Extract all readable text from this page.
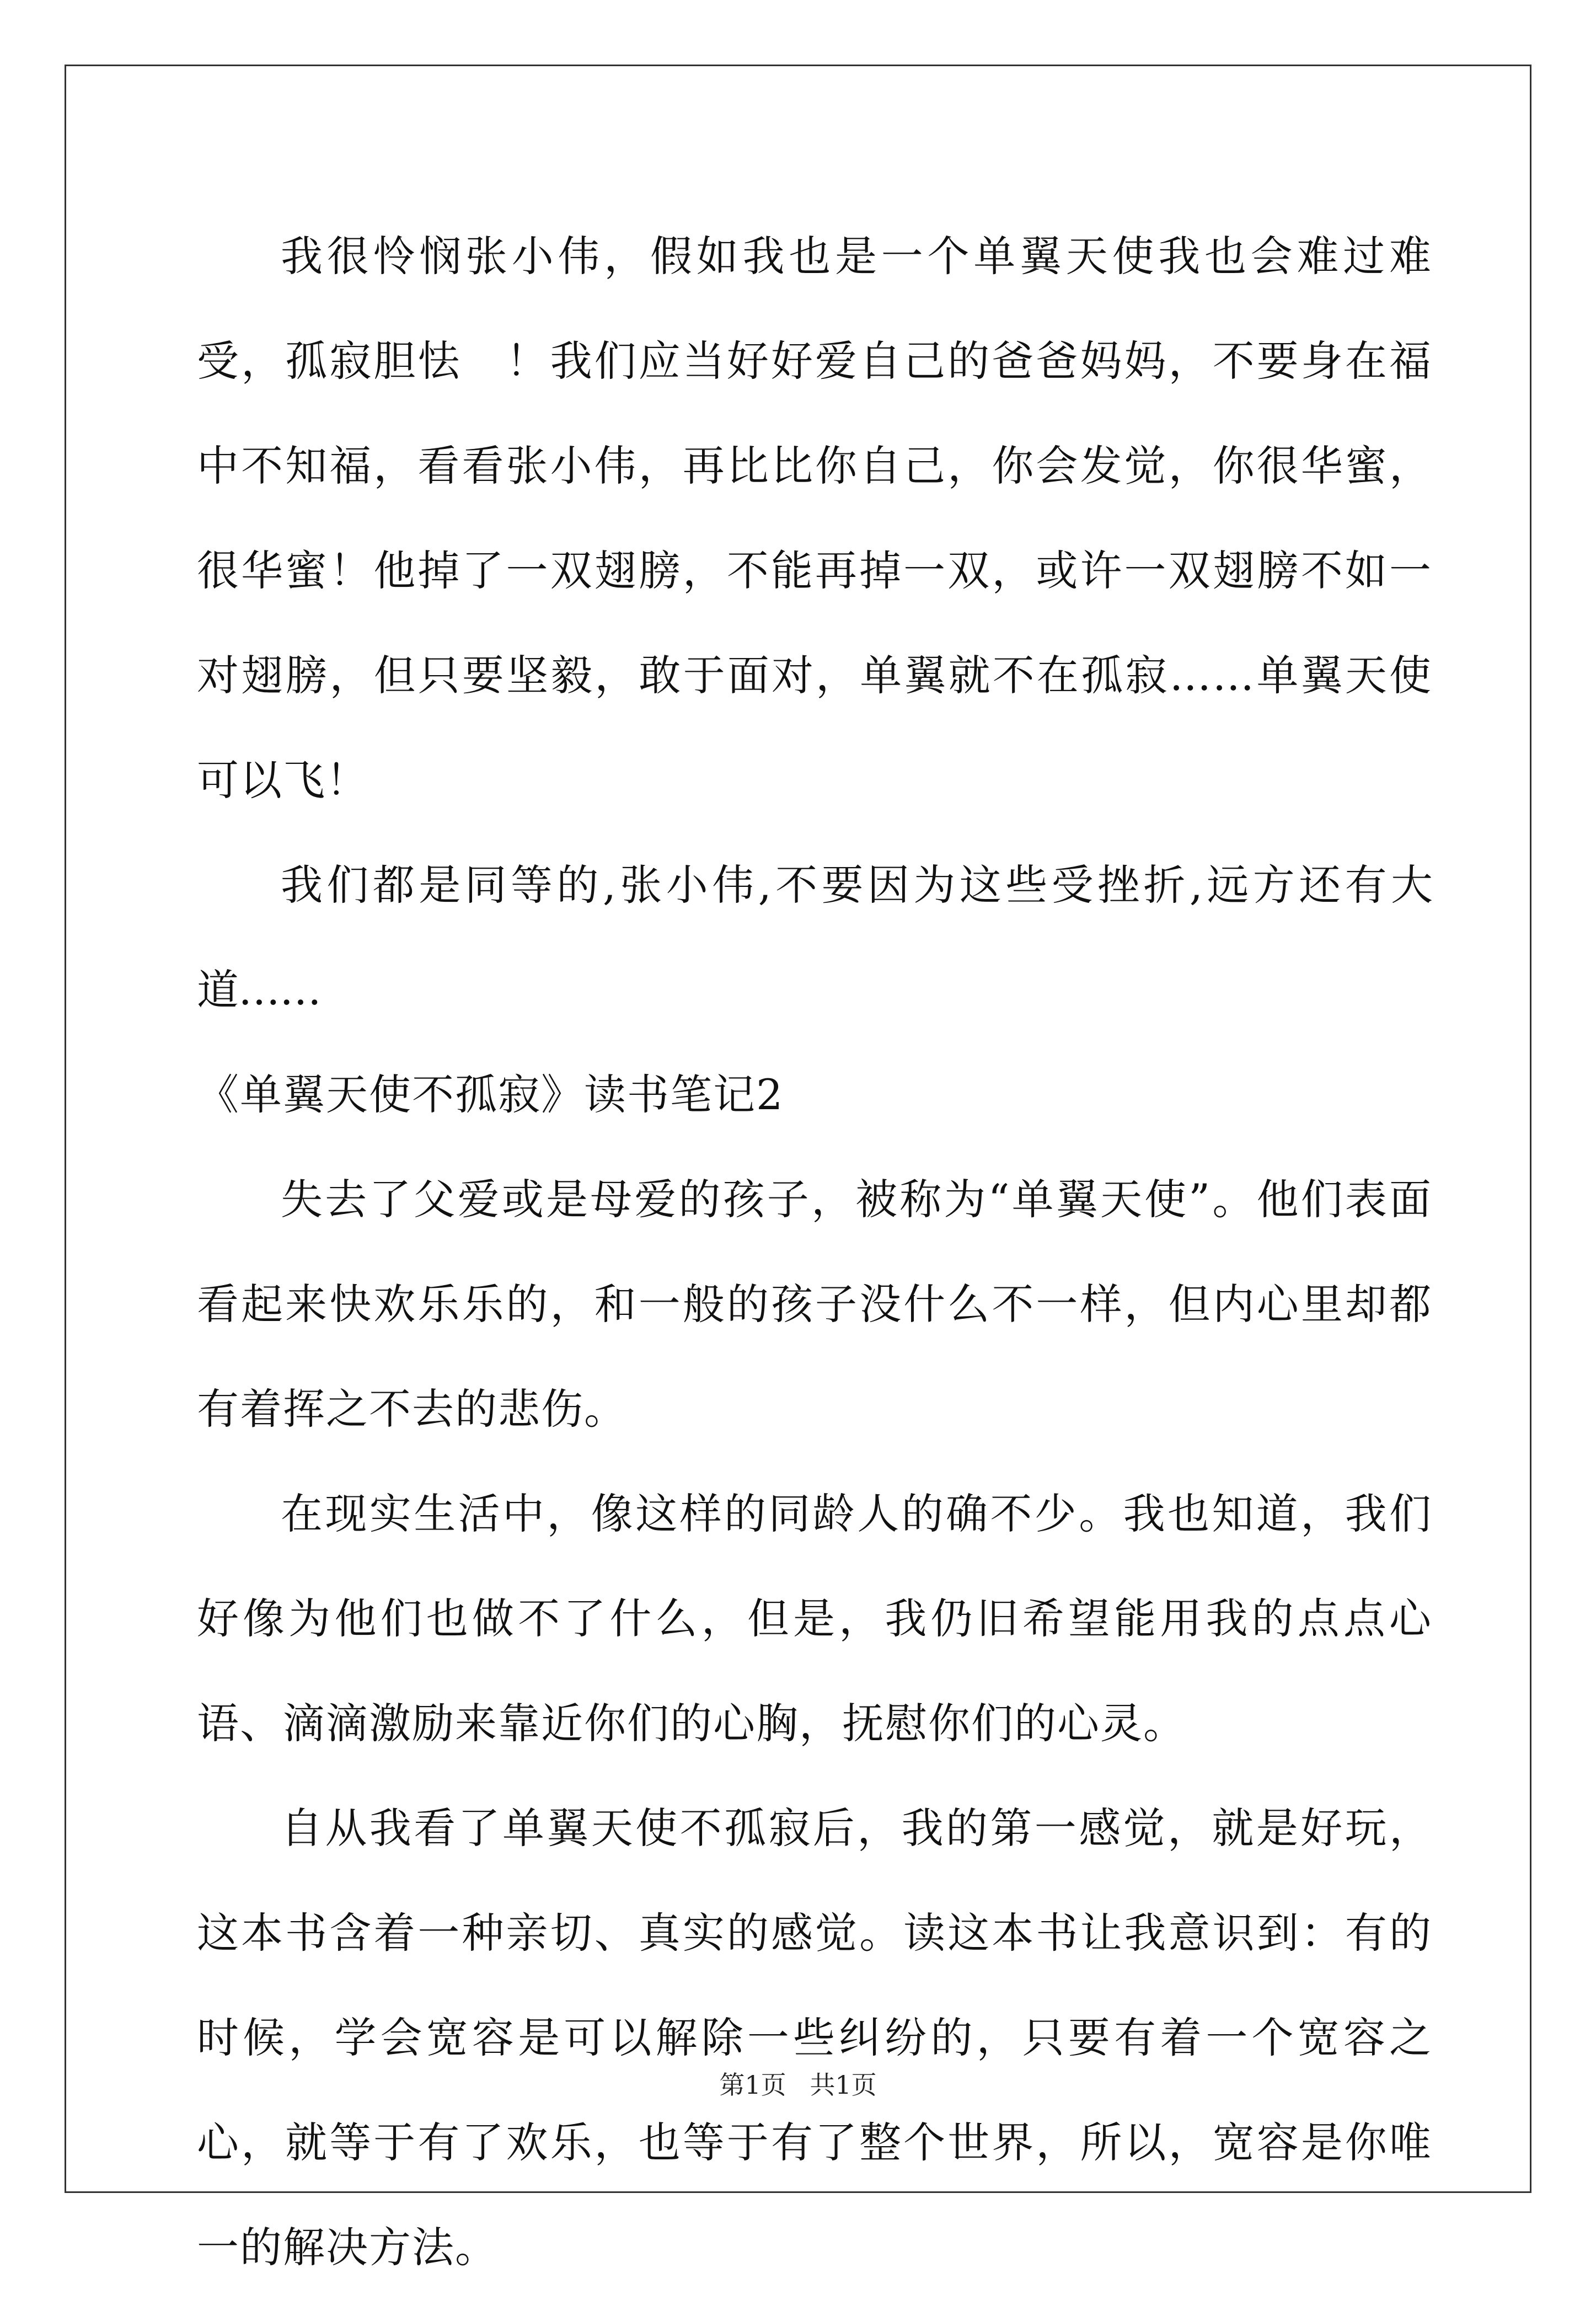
我很怜悯张小伟，假如我也是一个单翼天使我也会难过难受，孤寂胆怯　！我们应当好好爱自己的爸爸妈妈，不要身在福中不知福，看看张小伟，再比比你自己，你会发觉，你很华蜜，很华蜜！他掉了一双翅膀，不能再掉一双，或许一双翅膀不如一对翅膀，但只要坚毅，敢于面对，单翼就不在孤寂……单翼天使可以飞！

我们都是同等的,张小伟,不要因为这些受挫折,远方还有大道……

《单翼天使不孤寂》读书笔记2

失去了父爱或是母爱的孩子，被称为“单翼天使”。他们表面看起来快欢乐乐的，和一般的孩子没什么不一样，但内心里却都有着挥之不去的悲伤。

在现实生活中，像这样的同龄人的确不少。我也知道，我们好像为他们也做不了什么，但是，我仍旧希望能用我的点点心语、滴滴激励来靠近你们的心胸，抚慰你们的心灵。

自从我看了单翼天使不孤寂后，我的第一感觉，就是好玩，这本书含着一种亲切、真实的感觉。读这本书让我意识到：有的时候，学会宽容是可以解除一些纠纷的，只要有着一个宽容之心，就等于有了欢乐，也等于有了整个世界，所以，宽容是你唯一的解决方法。

第1页 共1页
